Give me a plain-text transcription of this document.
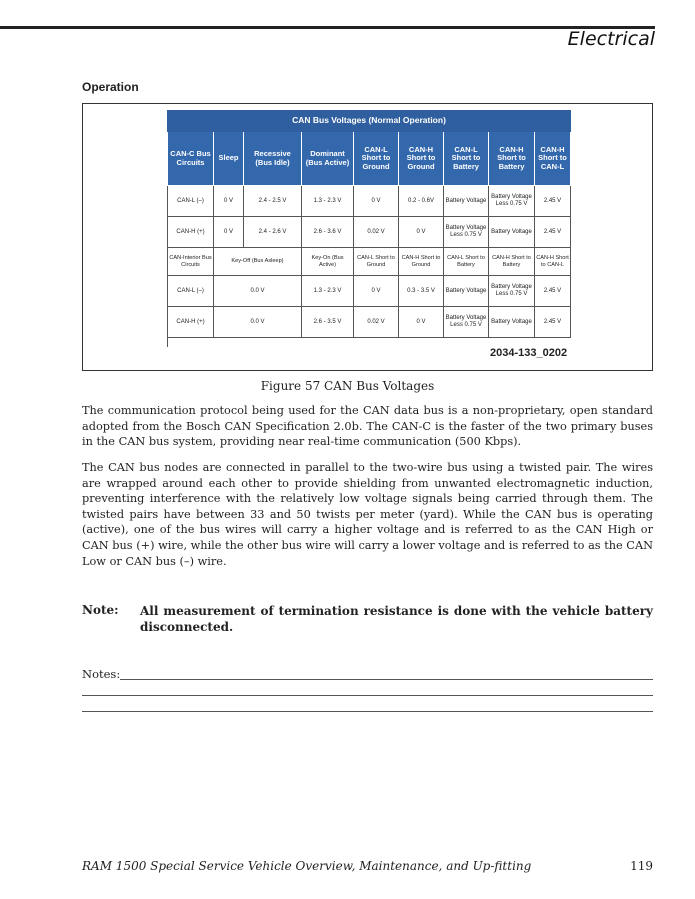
Electrical
Operation
CAN Bus Voltages (Normal Operation)								
CAN-C Bus Circuits	Sleep	Recessive (Bus Idle)	Dominant (Bus Active)	CAN-L Short to Ground	CAN-H Short to Ground	CAN-L Short to Battery	CAN-H Short to Battery	CAN-H Short to CAN-L
CAN-L (–)	0 V	2.4 - 2.5 V	1.3 - 2.3 V	0 V	0.2 - 0.6V	Battery Voltage	Battery Voltage Less 0.75 V	2.45 V
CAN-H (+)	0 V	2.4 - 2.6 V	2.6 - 3.6 V	0.02 V	0 V	Battery Voltage Less 0.75 V	Battery Voltage	2.45 V
CAN-Interior Bus Circuits	Key-Off (Bus Asleep)		Key-On (Bus Active)	CAN-L Short to Ground	CAN-H Short to Ground	CAN-L Short to Battery	CAN-H Short to Battery	CAN-H Short to CAN-L
CAN-L (–)	0.0 V		1.3 - 2.3 V	0 V	0.3 - 3.5 V	Battery Voltage	Battery Voltage Less 0.75 V	2.45 V
CAN-H (+)	0.0 V		2.6 - 3.5 V	0.02 V	0 V	Battery Voltage Less 0.75 V	Battery Voltage	2.45 V
2034-133_0202
Figure 57 CAN Bus Voltages

The communication protocol being used for the CAN data bus is a non-proprietary, open standard adopted from the Bosch CAN Specification 2.0b. The CAN-C is the faster of the two primary buses in the CAN bus system, providing near real-time communication (500 Kbps).

The CAN bus nodes are connected in parallel to the two-wire bus using a twisted pair. The wires are wrapped around each other to provide shielding from unwanted electromagnetic induction, preventing interference with the relatively low voltage signals being carried through them. The twisted pairs have between 33 and 50 twists per meter (yard). While the CAN bus is operating (active), one of the bus wires will carry a higher voltage and is referred to as the CAN High or CAN bus (+) wire, while the other bus wire will carry a lower voltage and is referred to as the CAN Low or CAN bus (–) wire.

Note: All measurement of termination resistance is done with the vehicle battery disconnected.

Notes:
RAM 1500 Special Service Vehicle Overview, Maintenance, and Up-fitting	119
